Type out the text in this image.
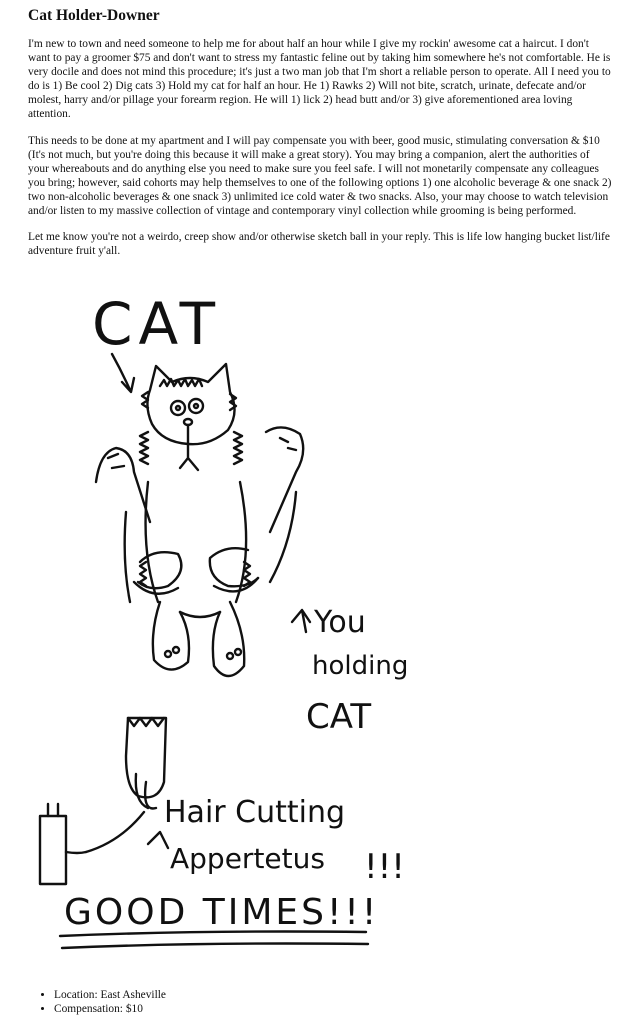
Cat Holder-Downer

I'm new to town and need someone to help me for about half an hour while I give my rockin' awesome cat a haircut. I don't want to pay a groomer $75 and don't want to stress my fantastic feline out by taking him somewhere he's not comfortable. He is very docile and does not mind this procedure; it's just a two man job that I'm short a reliable person to operate. All I need you to do is 1) Be cool 2) Dig cats 3) Hold my cat for half an hour. He 1) Rawks 2) Will not bite, scratch, urinate, defecate and/or molest, harry and/or pillage your forearm region. He will 1) lick 2) head butt and/or 3) give aforementioned area loving attention.

This needs to be done at my apartment and I will pay compensate you with beer, good music, stimulating conversation & $10 (It's not much, but you're doing this because it will make a great story). You may bring a companion, alert the authorities of your whereabouts and do anything else you need to make sure you feel safe. I will not monetarily compensate any colleagues you bring; however, said cohorts may help themselves to one of the following options 1) one alcoholic beverage & one snack 2) two non-alcoholic beverages & one snack 3) unlimited ice cold water & two snacks. Also, your may choose to watch television and/or listen to my massive collection of vintage and contemporary vinyl collection while grooming is being performed.

Let me know you're not a weirdo, creep show and/or otherwise sketch ball in your reply. This is life low hanging bucket list/life adventure fruit y'all.

CAT
You
holding
CAT
Hair Cutting
Appertetus !!!
GOOD TIMES!!!
• Location: East Asheville
• Compensation: $10
